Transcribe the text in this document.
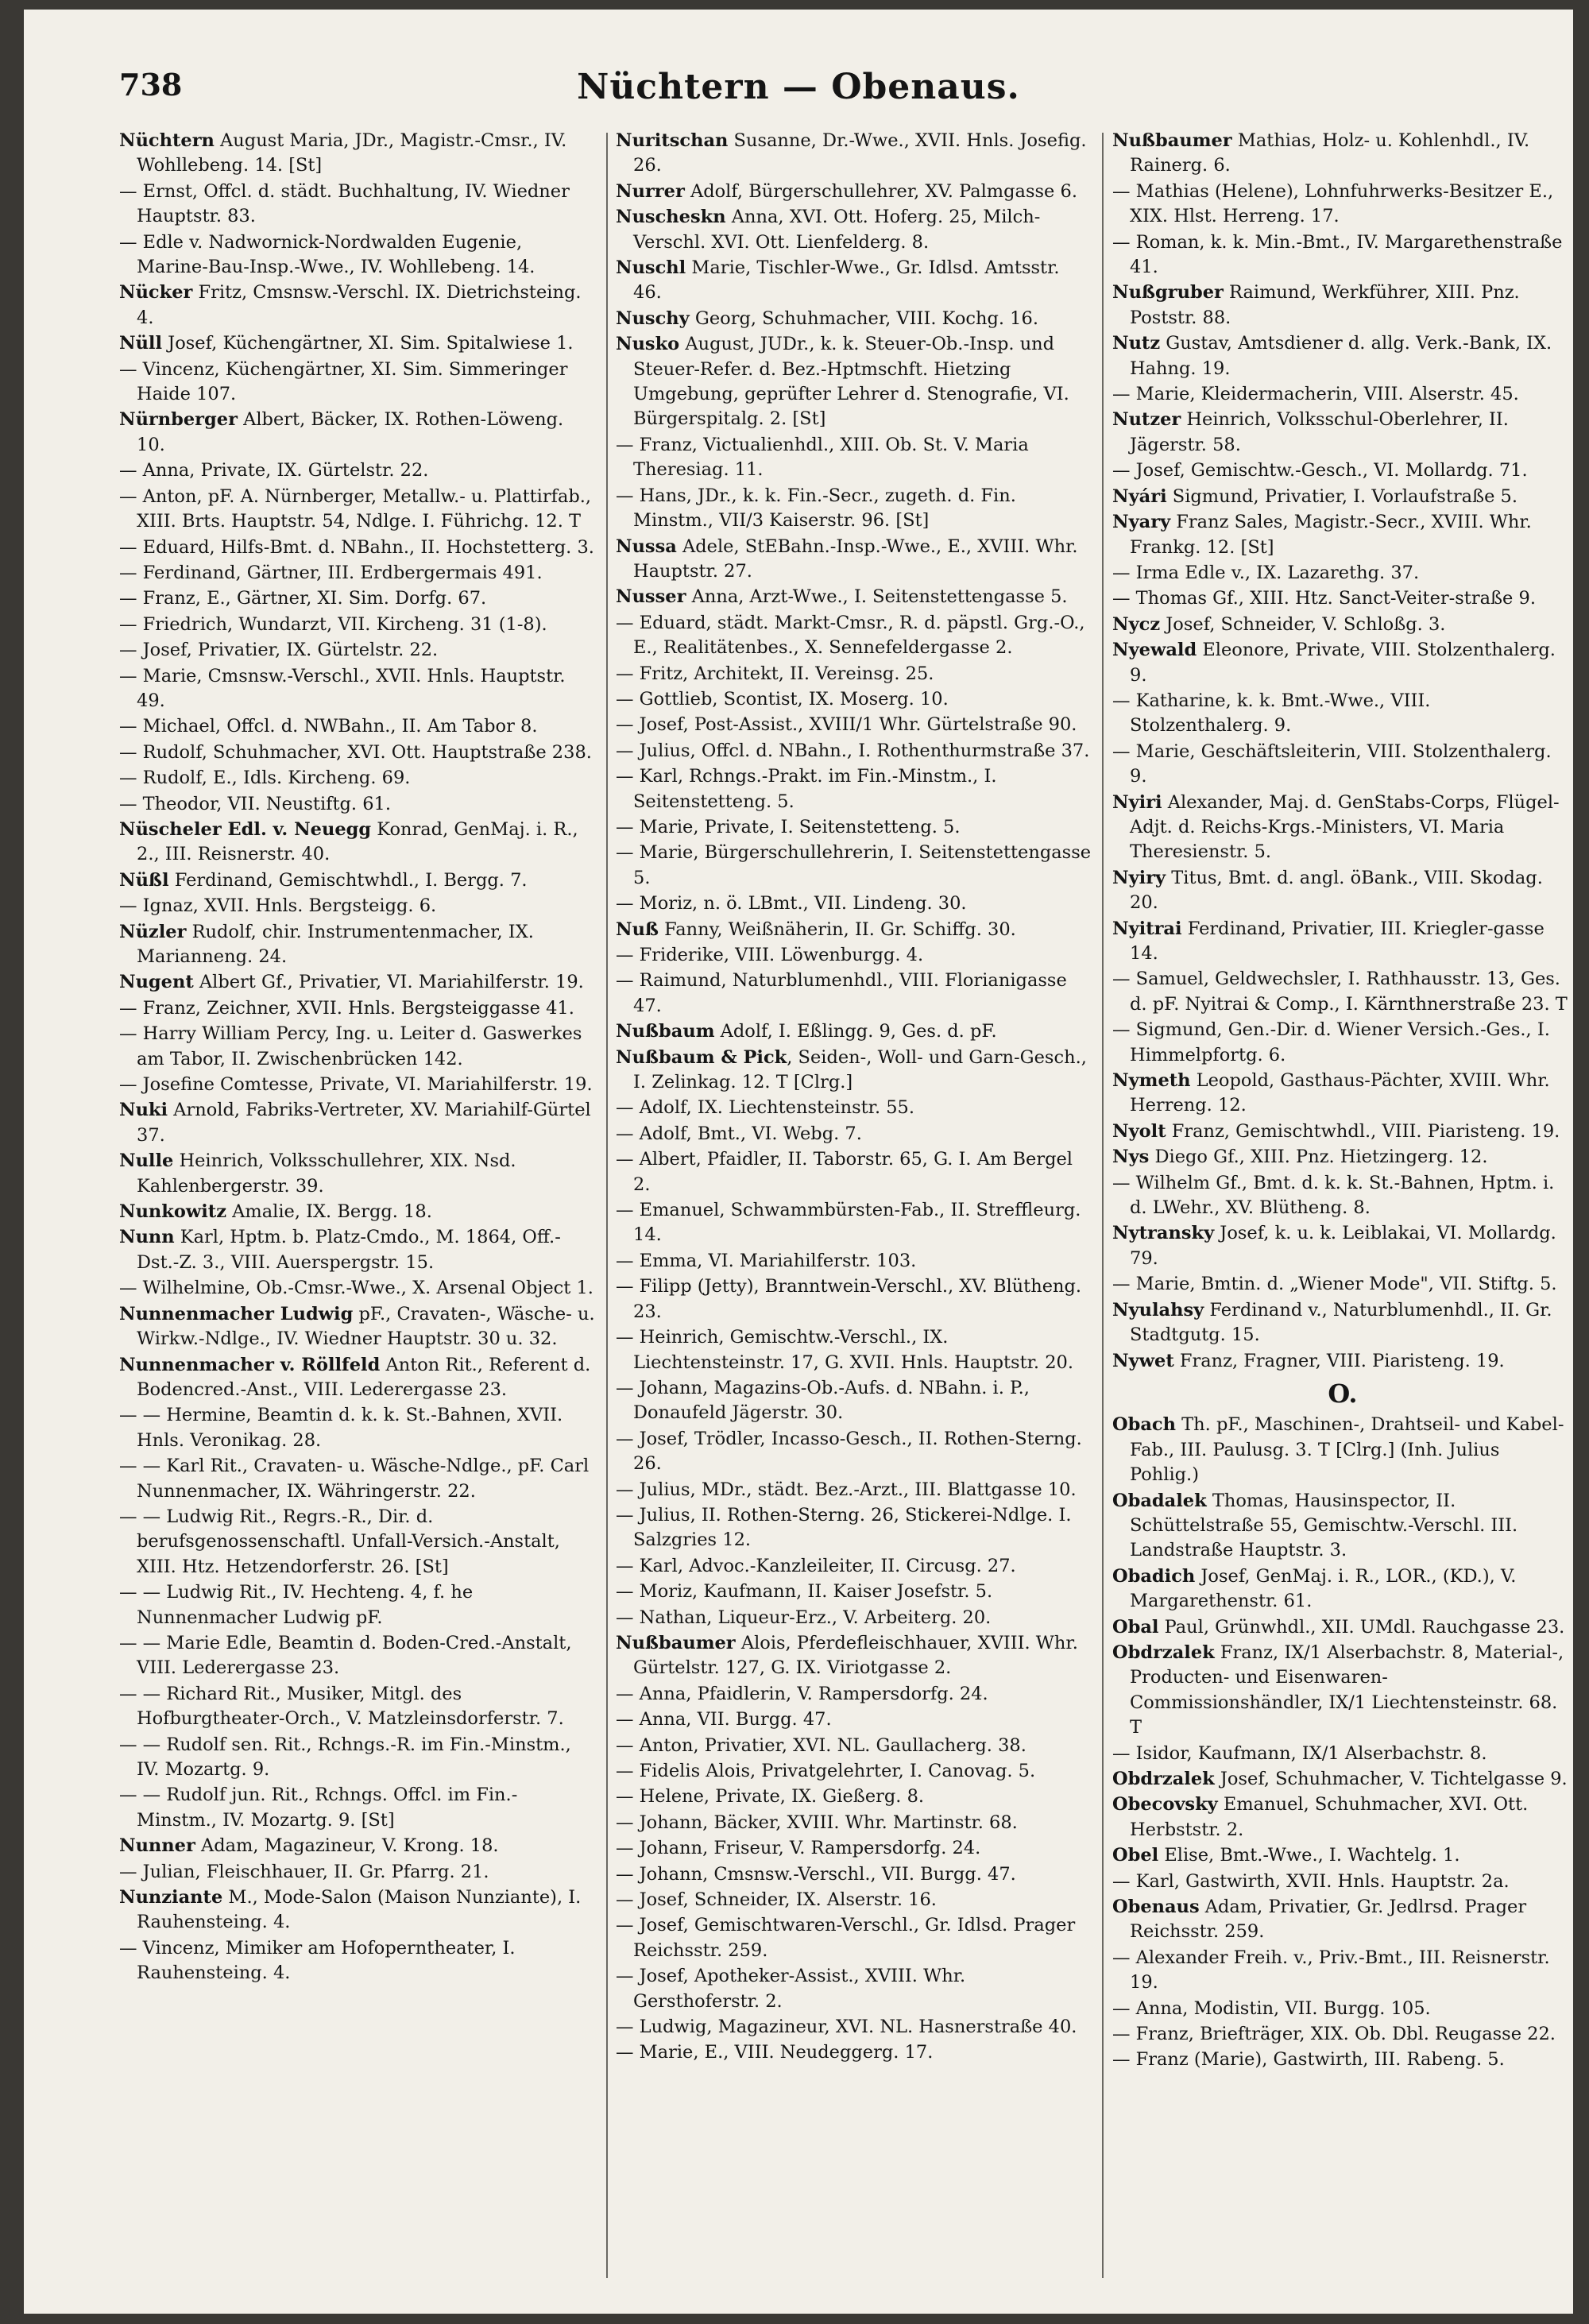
738	Nüchtern — Obenaus.
Nüchtern August Maria, JDr., Magistr.-Cmsr., IV. Wohllebeng. 14. [St]
— Ernst, Offcl. d. städt. Buchhaltung, IV. Wiedner Hauptstr. 83.
— Edle v. Nadwornick-Nordwalden Eugenie, Marine-Bau-Insp.-Wwe., IV. Wohllebeng. 14.
Nücker Fritz, Cmsnsw.-Verschl. IX. Dietrichsteing. 4.
Nüll Josef, Küchengärtner, XI. Sim. Spitalwiese 1.
— Vincenz, Küchengärtner, XI. Sim. Simmeringer Haide 107.
Nürnberger Albert, Bäcker, IX. Rothen-Löweng. 10.
— Anna, Private, IX. Gürtelstr. 22.
— Anton, pF. A. Nürnberger, Metallw.- u. Plattirfab., XIII. Brts. Hauptstr. 54, Ndlge. I. Führichg. 12. T
— Eduard, Hilfs-Bmt. d. NBahn., II. Hochstetterg. 3.
— Ferdinand, Gärtner, III. Erdbergermais 491.
— Franz, E., Gärtner, XI. Sim. Dorfg. 67.
— Friedrich, Wundarzt, VII. Kircheng. 31 (1-8).
— Josef, Privatier, IX. Gürtelstr. 22.
— Marie, Cmsnsw.-Verschl., XVII. Hnls. Hauptstr. 49.
— Michael, Offcl. d. NWBahn., II. Am Tabor 8.
— Rudolf, Schuhmacher, XVI. Ott. Hauptstraße 238.
— Rudolf, E., Idls. Kircheng. 69.
— Theodor, VII. Neustiftg. 61.
Nüscheler Edl. v. Neuegg Konrad, GenMaj. i. R., 2., III. Reisnerstr. 40.
Nüßl Ferdinand, Gemischtwhdl., I. Bergg. 7.
— Ignaz, XVII. Hnls. Bergsteigg. 6.
Nüzler Rudolf, chir. Instrumentenmacher, IX. Marianneng. 24.
Nugent Albert Gf., Privatier, VI. Mariahilferstr. 19.
— Franz, Zeichner, XVII. Hnls. Bergsteiggasse 41.
— Harry William Percy, Ing. u. Leiter d. Gaswerkes am Tabor, II. Zwischenbrücken 142.
— Josefine Comtesse, Private, VI. Mariahilferstr. 19.
Nuki Arnold, Fabriks-Vertreter, XV. Mariahilf-Gürtel 37.
Nulle Heinrich, Volksschullehrer, XIX. Nsd. Kahlenbergerstr. 39.
Nunkowitz Amalie, IX. Bergg. 18.
Nunn Karl, Hptm. b. Platz-Cmdo., M. 1864, Off.-Dst.-Z. 3., VIII. Auerspergstr. 15.
— Wilhelmine, Ob.-Cmsr.-Wwe., X. Arsenal Object 1.
Nunnenmacher Ludwig pF., Cravaten-, Wäsche- u. Wirkw.-Ndlge., IV. Wiedner Hauptstr. 30 u. 32.
Nunnenmacher v. Röllfeld Anton Rit., Referent d. Bodencred.-Anst., VIII. Lederergasse 23.
— — Hermine, Beamtin d. k. k. St.-Bahnen, XVII. Hnls. Veronikag. 28.
— — Karl Rit., Cravaten- u. Wäsche-Ndlge., pF. Carl Nunnenmacher, IX. Währingerstr. 22.
— — Ludwig Rit., Regrs.-R., Dir. d. berufsgenossenschaftl. Unfall-Versich.-Anstalt, XIII. Htz. Hetzendorferstr. 26. [St]
— — Ludwig Rit., IV. Hechteng. 4, f. he Nunnenmacher Ludwig pF.
— — Marie Edle, Beamtin d. Boden-Cred.-Anstalt, VIII. Lederergasse 23.
— — Richard Rit., Musiker, Mitgl. des Hofburgtheater-Orch., V. Matzleinsdorferstr. 7.
— — Rudolf sen. Rit., Rchngs.-R. im Fin.-Minstm., IV. Mozartg. 9.
— — Rudolf jun. Rit., Rchngs. Offcl. im Fin.-Minstm., IV. Mozartg. 9. [St]
Nunner Adam, Magazineur, V. Krong. 18.
— Julian, Fleischhauer, II. Gr. Pfarrg. 21.
Nunziante M., Mode-Salon (Maison Nunziante), I. Rauhensteing. 4.
— Vincenz, Mimiker am Hofoperntheater, I. Rauhensteing. 4.
Nuritschan Susanne, Dr.-Wwe., XVII. Hnls. Josefig. 26.
Nurrer Adolf, Bürgerschullehrer, XV. Palmgasse 6.
Nuscheskn Anna, XVI. Ott. Hoferg. 25, Milch-Verschl. XVI. Ott. Lienfelderg. 8.
Nuschl Marie, Tischler-Wwe., Gr. Idlsd. Amtsstr. 46.
Nuschy Georg, Schuhmacher, VIII. Kochg. 16.
Nusko August, JUDr., k. k. Steuer-Ob.-Insp. und Steuer-Refer. d. Bez.-Hptmschft. Hietzing Umgebung, geprüfter Lehrer d. Stenografie, VI. Bürgerspitalg. 2. [St]
— Franz, Victualienhdl., XIII. Ob. St. V. Maria Theresiag. 11.
— Hans, JDr., k. k. Fin.-Secr., zugeth. d. Fin. Minstm., VII/3 Kaiserstr. 96. [St]
Nussa Adele, StEBahn.-Insp.-Wwe., E., XVIII. Whr. Hauptstr. 27.
Nusser Anna, Arzt-Wwe., I. Seitenstettengasse 5.
— Eduard, städt. Markt-Cmsr., R. d. päpstl. Grg.-O., E., Realitätenbes., X. Sennefeldergasse 2.
— Fritz, Architekt, II. Vereinsg. 25.
— Gottlieb, Scontist, IX. Moserg. 10.
— Josef, Post-Assist., XVIII/1 Whr. Gürtelstraße 90.
— Julius, Offcl. d. NBahn., I. Rothenthurmstraße 37.
— Karl, Rchngs.-Prakt. im Fin.-Minstm., I. Seitenstetteng. 5.
— Marie, Private, I. Seitenstetteng. 5.
— Marie, Bürgerschullehrerin, I. Seitenstettengasse 5.
— Moriz, n. ö. LBmt., VII. Lindeng. 30.
Nuß Fanny, Weißnäherin, II. Gr. Schiffg. 30.
— Friderike, VIII. Löwenburgg. 4.
— Raimund, Naturblumenhdl., VIII. Florianigasse 47.
Nußbaum Adolf, I. Eßlingg. 9, Ges. d. pF.
Nußbaum & Pick, Seiden-, Woll- und Garn-Gesch., I. Zelinkag. 12. T [Clrg.]
— Adolf, IX. Liechtensteinstr. 55.
— Adolf, Bmt., VI. Webg. 7.
— Albert, Pfaidler, II. Taborstr. 65, G. I. Am Bergel 2.
— Emanuel, Schwammbürsten-Fab., II. Streffleurg. 14.
— Emma, VI. Mariahilferstr. 103.
— Filipp (Jetty), Branntwein-Verschl., XV. Blütheng. 23.
— Heinrich, Gemischtw.-Verschl., IX. Liechtensteinstr. 17, G. XVII. Hnls. Hauptstr. 20.
— Johann, Magazins-Ob.-Aufs. d. NBahn. i. P., Donaufeld Jägerstr. 30.
— Josef, Trödler, Incasso-Gesch., II. Rothen-Sterng. 26.
— Julius, MDr., städt. Bez.-Arzt., III. Blattgasse 10.
— Julius, II. Rothen-Sterng. 26, Stickerei-Ndlge. I. Salzgries 12.
— Karl, Advoc.-Kanzleileiter, II. Circusg. 27.
— Moriz, Kaufmann, II. Kaiser Josefstr. 5.
— Nathan, Liqueur-Erz., V. Arbeiterg. 20.
Nußbaumer Alois, Pferdefleischhauer, XVIII. Whr. Gürtelstr. 127, G. IX. Viriotgasse 2.
— Anna, Pfaidlerin, V. Rampersdorfg. 24.
— Anna, VII. Burgg. 47.
— Anton, Privatier, XVI. NL. Gaullacherg. 38.
— Fidelis Alois, Privatgelehrter, I. Canovag. 5.
— Helene, Private, IX. Gießerg. 8.
— Johann, Bäcker, XVIII. Whr. Martinstr. 68.
— Johann, Friseur, V. Rampersdorfg. 24.
— Johann, Cmsnsw.-Verschl., VII. Burgg. 47.
— Josef, Schneider, IX. Alserstr. 16.
— Josef, Gemischtwaren-Verschl., Gr. Idlsd. Prager Reichsstr. 259.
— Josef, Apotheker-Assist., XVIII. Whr. Gersthoferstr. 2.
— Ludwig, Magazineur, XVI. NL. Hasnerstraße 40.
— Marie, E., VIII. Neudeggerg. 17.
Nußbaumer Mathias, Holz- u. Kohlenhdl., IV. Rainerg. 6.
— Mathias (Helene), Lohnfuhrwerks-Besitzer E., XIX. Hlst. Herreng. 17.
— Roman, k. k. Min.-Bmt., IV. Margarethenstraße 41.
Nußgruber Raimund, Werkführer, XIII. Pnz. Poststr. 88.
Nutz Gustav, Amtsdiener d. allg. Verk.-Bank, IX. Hahng. 19.
— Marie, Kleidermacherin, VIII. Alserstr. 45.
Nutzer Heinrich, Volksschul-Oberlehrer, II. Jägerstr. 58.
— Josef, Gemischtw.-Gesch., VI. Mollardg. 71.
Nyári Sigmund, Privatier, I. Vorlaufstraße 5.
Nyary Franz Sales, Magistr.-Secr., XVIII. Whr. Frankg. 12. [St]
— Irma Edle v., IX. Lazarethg. 37.
— Thomas Gf., XIII. Htz. Sanct-Veiter-straße 9.
Nycz Josef, Schneider, V. Schloßg. 3.
Nyewald Eleonore, Private, VIII. Stolzenthalerg. 9.
— Katharine, k. k. Bmt.-Wwe., VIII. Stolzenthalerg. 9.
— Marie, Geschäftsleiterin, VIII. Stolzenthalerg. 9.
Nyiri Alexander, Maj. d. GenStabs-Corps, Flügel-Adjt. d. Reichs-Krgs.-Ministers, VI. Maria Theresienstr. 5.
Nyiry Titus, Bmt. d. angl. öBank., VIII. Skodag. 20.
Nyitrai Ferdinand, Privatier, III. Kriegler-gasse 14.
— Samuel, Geldwechsler, I. Rathhausstr. 13, Ges. d. pF. Nyitrai & Comp., I. Kärnthnerstraße 23. T
— Sigmund, Gen.-Dir. d. Wiener Versich.-Ges., I. Himmelpfortg. 6.
Nymeth Leopold, Gasthaus-Pächter, XVIII. Whr. Herreng. 12.
Nyolt Franz, Gemischtwhdl., VIII. Piaristeng. 19.
Nys Diego Gf., XIII. Pnz. Hietzingerg. 12.
— Wilhelm Gf., Bmt. d. k. k. St.-Bahnen, Hptm. i. d. LWehr., XV. Blütheng. 8.
Nytransky Josef, k. u. k. Leiblakai, VI. Mollardg. 79.
— Marie, Bmtin. d. „Wiener Mode", VII. Stiftg. 5.
Nyulahsy Ferdinand v., Naturblumenhdl., II. Gr. Stadtgutg. 15.
Nywet Franz, Fragner, VIII. Piaristeng. 19.
O.
Obach Th. pF., Maschinen-, Drahtseil- und Kabel-Fab., III. Paulusg. 3. T [Clrg.] (Inh. Julius Pohlig.)
Obadalek Thomas, Hausinspector, II. Schüttelstraße 55, Gemischtw.-Verschl. III. Landstraße Hauptstr. 3.
Obadich Josef, GenMaj. i. R., LOR., (KD.), V. Margarethenstr. 61.
Obal Paul, Grünwhdl., XII. UMdl. Rauchgasse 23.
Obdrzalek Franz, IX/1 Alserbachstr. 8, Material-, Producten- und Eisenwaren-Commissionshändler, IX/1 Liechtensteinstr. 68. T
— Isidor, Kaufmann, IX/1 Alserbachstr. 8.
Obdrzalek Josef, Schuhmacher, V. Tichtelgasse 9.
Obecovsky Emanuel, Schuhmacher, XVI. Ott. Herbststr. 2.
Obel Elise, Bmt.-Wwe., I. Wachtelg. 1.
— Karl, Gastwirth, XVII. Hnls. Hauptstr. 2a.
Obenaus Adam, Privatier, Gr. Jedlrsd. Prager Reichsstr. 259.
— Alexander Freih. v., Priv.-Bmt., III. Reisnerstr. 19.
— Anna, Modistin, VII. Burgg. 105.
— Franz, Briefträger, XIX. Ob. Dbl. Reugasse 22.
— Franz (Marie), Gastwirth, III. Rabeng. 5.
